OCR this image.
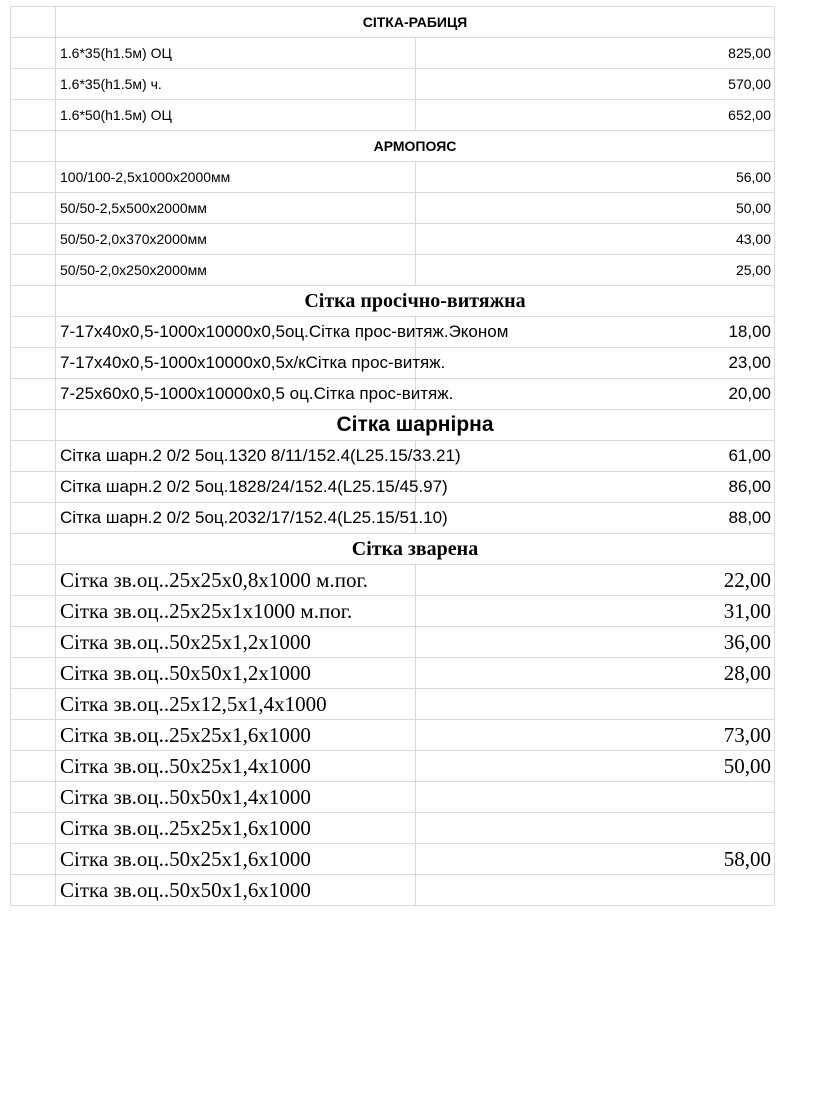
	СІТКА-РАБИЦЯ	
	1.6*35(h1.5м) ОЦ	825,00
	1.6*35(h1.5м) ч.	570,00
	1.6*50(h1.5м) ОЦ	652,00
	АРМОПОЯС	
	100/100-2,5х1000х2000мм	56,00
	50/50-2,5х500х2000мм	50,00
	50/50-2,0х370х2000мм	43,00
	50/50-2,0х250х2000мм	25,00
	Сітка просічно-витяжна	
	7-17х40х0,5-1000х10000х0,5оц.Сітка прос-витяж.Эконом	18,00
	7-17х40х0,5-1000х10000х0,5х/кСітка прос-витяж.	23,00
	7-25х60х0,5-1000х10000х0,5 оц.Сітка прос-витяж.	20,00
	Сітка шарнірна	
	Сітка шарн.2 0/2 5оц.1320 8/11/152.4(L25.15/33.21)	61,00
	Сітка шарн.2 0/2 5оц.1828/24/152.4(L25.15/45.97)	86,00
	Сітка шарн.2 0/2 5оц.2032/17/152.4(L25.15/51.10)	88,00
	Сітка зварена	
	Сітка зв.оц..25х25х0,8х1000 м.пог.	22,00
	Сітка зв.оц..25х25х1х1000 м.пог.	31,00
	Сітка зв.оц..50х25х1,2х1000	36,00
	Сітка зв.оц..50х50х1,2х1000	28,00
	Сітка зв.оц..25х12,5х1,4х1000	
	Сітка зв.оц..25х25х1,6х1000	73,00
	Сітка зв.оц..50х25х1,4х1000	50,00
	Сітка зв.оц..50х50х1,4х1000	
	Сітка зв.оц..25х25х1,6х1000	
	Сітка зв.оц..50х25х1,6х1000	58,00
	Сітка зв.оц..50х50х1,6х1000	
